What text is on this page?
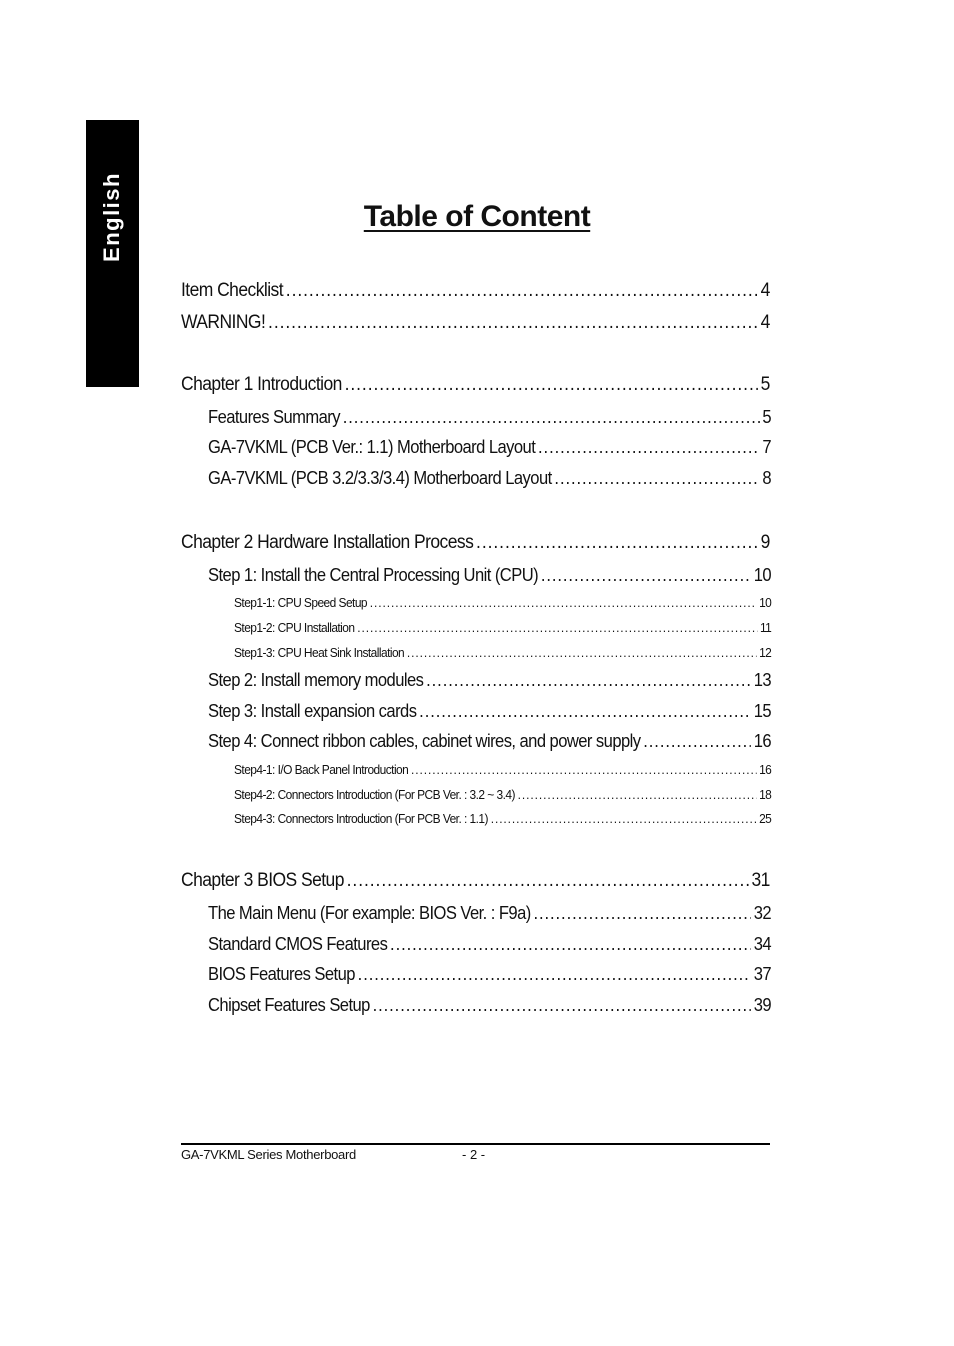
English	Table of Content
Item Checklist .....	4
WARNING! .....	4
Chapter 1 Introduction .....	5
Features Summary .....	5
GA-7VKML (PCB Ver.: 1.1) Motherboard Layout .....	7
GA-7VKML (PCB 3.2/3.3/3.4) Motherboard Layout .....	8
Chapter 2 Hardware Installation Process .....	9
Step 1: Install the Central Processing Unit (CPU) .....	10
Step1-1: CPU Speed Setup .....	10
Step1-2: CPU Installation .....	11
Step1-3: CPU Heat Sink Installation .....	12
Step 2: Install memory modules .....	13
Step 3: Install expansion cards .....	15
Step 4: Connect ribbon cables, cabinet wires, and power supply .....	16
Step4-1: I/O Back Panel Introduction .....	16
Step4-2: Connectors Introduction (For PCB Ver. : 3.2 ~ 3.4) .....	18
Step4-3: Connectors Introduction (For PCB Ver. : 1.1) .....	25
Chapter 3 BIOS Setup .....	31
The Main Menu (For example: BIOS Ver. : F9a) .....	32
Standard CMOS Features .....	34
BIOS Features Setup .....	37
Chipset Features Setup .....	39
GA-7VKML Series Motherboard	- 2 -
